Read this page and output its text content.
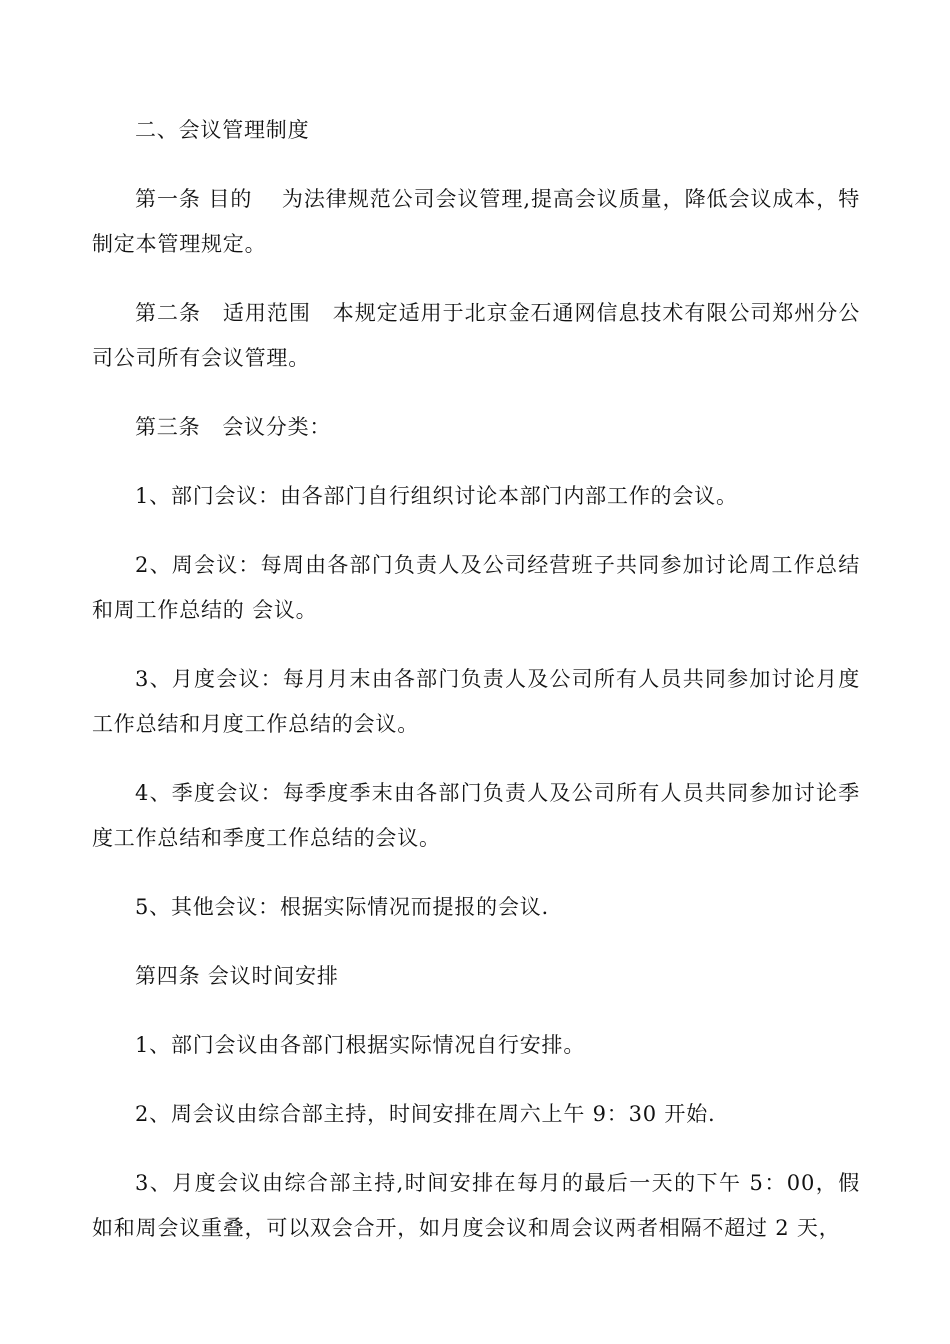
二、会议管理制度

第一条 目的　 为法律规范公司会议管理,提高会议质量，降低会议成本，特制定本管理规定。

第二条　适用范围　本规定适用于北京金石通网信息技术有限公司郑州分公司公司所有会议管理。

第三条　会议分类：

1、部门会议：由各部门自行组织讨论本部门内部工作的会议。

2、周会议：每周由各部门负责人及公司经营班子共同参加讨论周工作总结和周工作总结的 会议。

3、月度会议：每月月末由各部门负责人及公司所有人员共同参加讨论月度工作总结和月度工作总结的会议。

4、季度会议：每季度季末由各部门负责人及公司所有人员共同参加讨论季度工作总结和季度工作总结的会议。

5、其他会议：根据实际情况而提报的会议.

第四条 会议时间安排

1、部门会议由各部门根据实际情况自行安排。

2、周会议由综合部主持，时间安排在周六上午 9：30 开始.

3、月度会议由综合部主持,时间安排在每月的最后一天的下午 5：00，假如和周会议重叠，可以双会合开，如月度会议和周会议两者相隔不超过 2 天，
